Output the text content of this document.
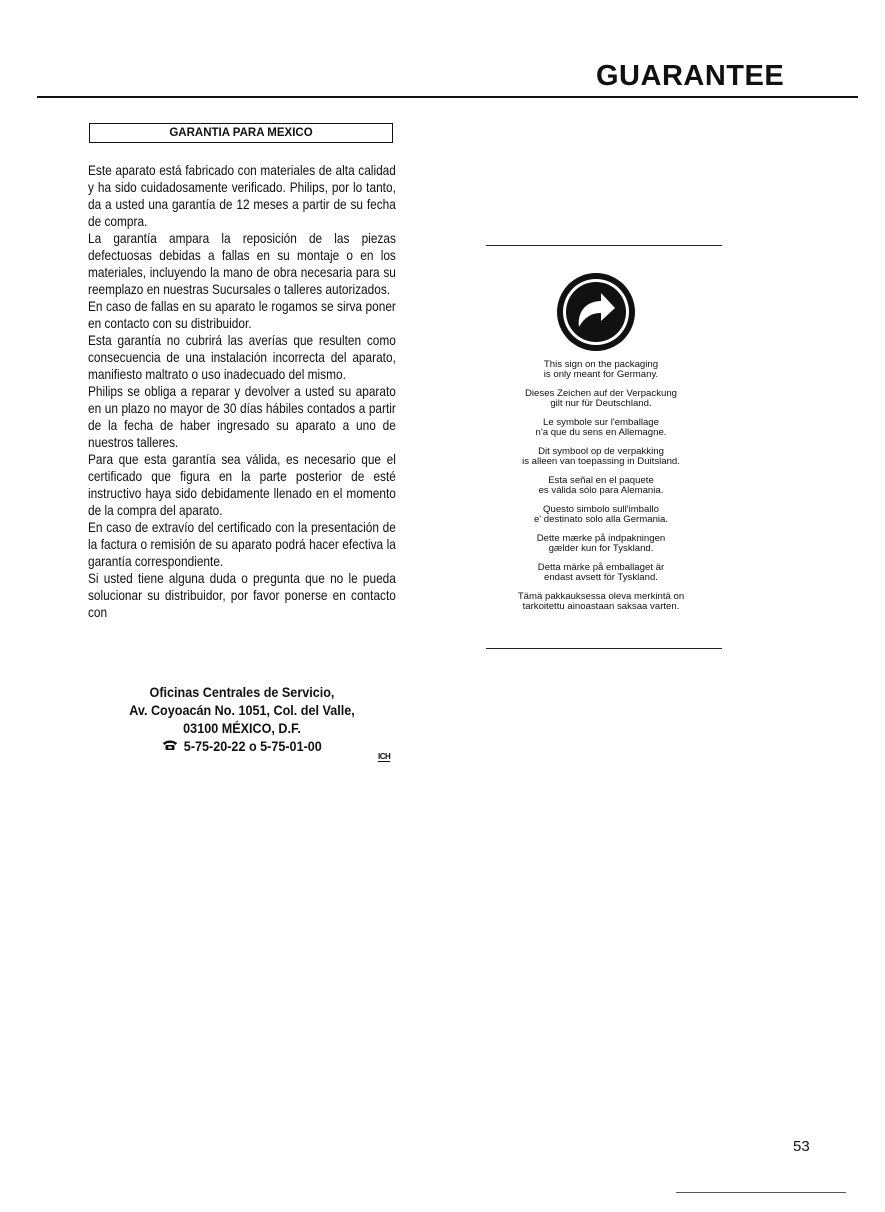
GUARANTEE
GARANTIA PARA MEXICO

Este aparato está fabricado con materiales de alta calidad y ha sido cuidadosamente verificado. Philips, por lo tanto, da a usted una garantía de 12 meses a partir de su fecha de compra.

La garantía ampara la reposición de las piezas defectuosas debidas a fallas en su montaje o en los materiales, incluyendo la mano de obra necesaria para su reemplazo en nuestras Sucursales o talleres autorizados.

En caso de fallas en su aparato le rogamos se sirva poner en contacto con su distribuidor.

Esta garantía no cubrirá las averías que resulten como consecuencia de una instalación incorrecta del aparato, manifiesto maltrato o uso inadecuado del mismo.

Philips se obliga a reparar y devolver a usted su aparato en un plazo no mayor de 30 días hábiles contados a partir de la fecha de haber ingresado su aparato a uno de nuestros talleres.

Para que esta garantía sea válida, es necesario que el certificado que figura en la parte posterior de esté instructivo haya sido debidamente llenado en el momento de la compra del aparato.

En caso de extravío del certificado con la presentación de la factura o remisión de su aparato podrá hacer efectiva la garantía correspondiente.

Si usted tiene alguna duda o pregunta que no le pueda solucionar su distribuidor, por favor ponerse en contacto con

Oficinas Centrales de Servicio,
Av. Coyoacán No. 1051, Col. del Valle,
03100 MÉXICO, D.F.
5-75-20-22 o 5-75-01-00
ICH
This sign on the packaging
is only meant for Germany.
Dieses Zeichen auf der Verpackung
gilt nur für Deutschland.
Le symbole sur l'emballage
n'a que du sens en Allemagne.
Dit symbool op de verpakking
is alleen van toepassing in Duitsland.
Esta señal en el paquete
es válida sólo para Alemania.
Questo simbolo sull'imballo
e' destinato solo alla Germania.
Dette mærke på indpakningen
gælder kun for Tyskland.
Detta märke på emballaget är
endast avsett för Tyskland.
Tämä pakkauksessa oleva merkintä on
tarkoitettu ainoastaan saksaa varten.
53
